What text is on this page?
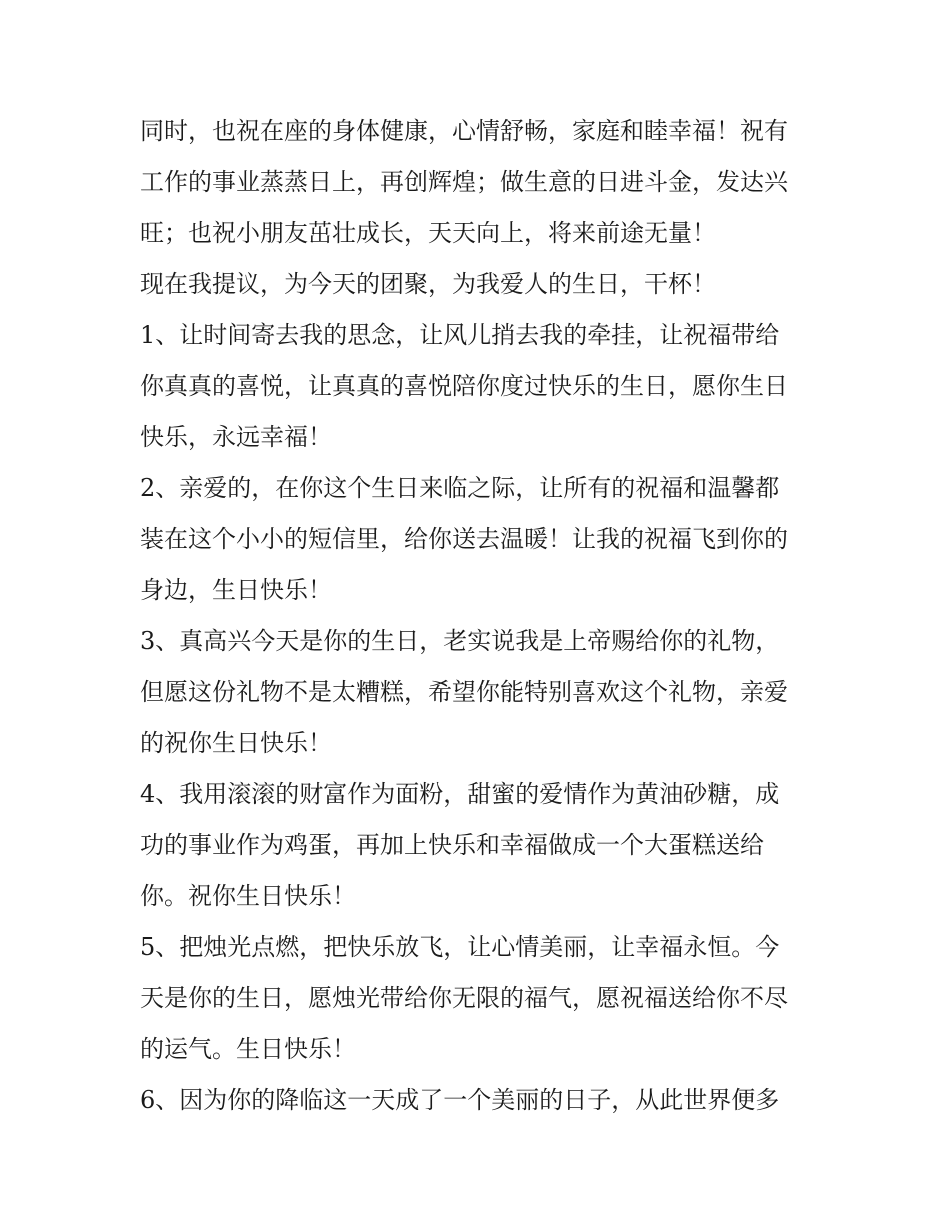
同时，也祝在座的身体健康，心情舒畅，家庭和睦幸福！祝有
工作的事业蒸蒸日上，再创辉煌；做生意的日进斗金，发达兴
旺；也祝小朋友茁壮成长，天天向上，将来前途无量！

现在我提议，为今天的团聚，为我爱人的生日，干杯！

1、让时间寄去我的思念，让风儿捎去我的牵挂，让祝福带给
你真真的喜悦，让真真的喜悦陪你度过快乐的生日，愿你生日
快乐，永远幸福！

2、亲爱的，在你这个生日来临之际，让所有的祝福和温馨都
装在这个小小的短信里，给你送去温暖！让我的祝福飞到你的
身边，生日快乐！

3、真高兴今天是你的生日，老实说我是上帝赐给你的礼物，
但愿这份礼物不是太糟糕，希望你能特别喜欢这个礼物，亲爱
的祝你生日快乐！

4、我用滚滚的财富作为面粉，甜蜜的爱情作为黄油砂糖，成
功的事业作为鸡蛋，再加上快乐和幸福做成一个大蛋糕送给
你。祝你生日快乐！

5、把烛光点燃，把快乐放飞，让心情美丽，让幸福永恒。今
天是你的生日，愿烛光带给你无限的福气，愿祝福送给你不尽
的运气。生日快乐！

6、因为你的降临这一天成了一个美丽的日子，从此世界便多
